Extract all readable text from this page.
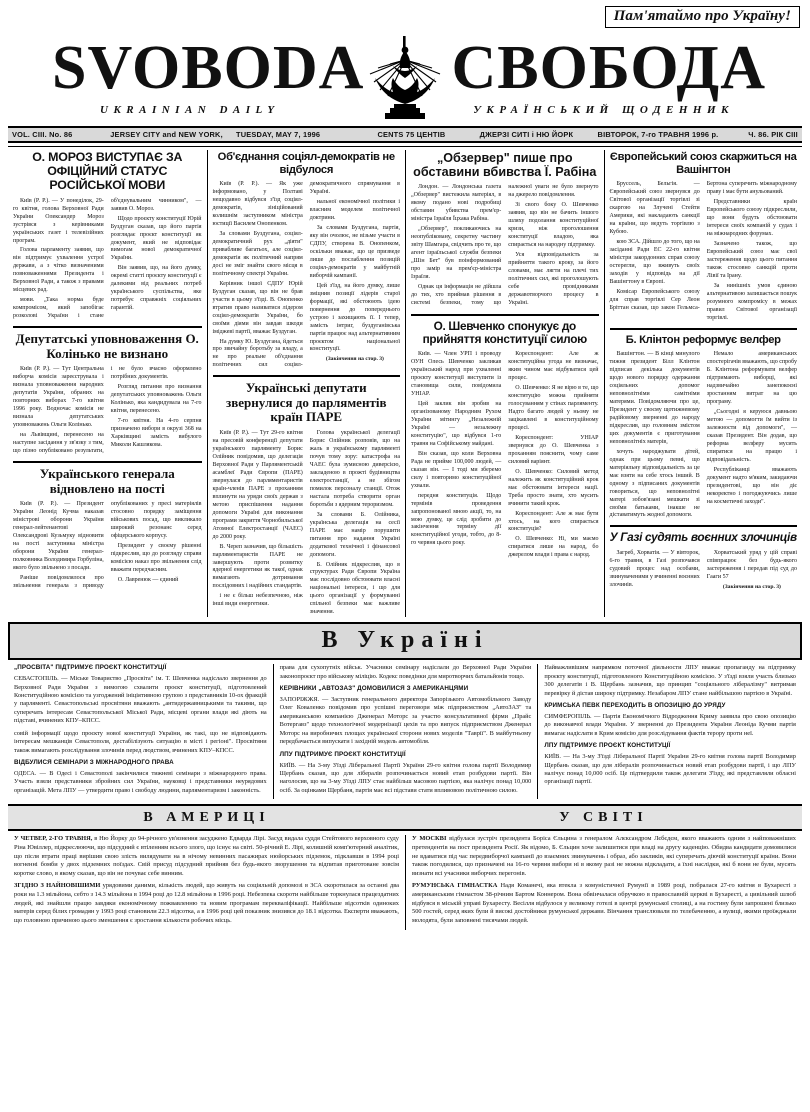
Пам'ятаймо про Україну!
SVOBODA СВОБОДА
UKRAINIAN DAILY	УКРАЇНСЬКИЙ ЩОДЕННИК
VOL. CIII. No. 86	JERSEY CITY and NEW YORK,	TUESDAY, MAY 7, 1996	CENTS 75 ЦЕНТІВ	ДЖЕРЗІ СИТІ і НЮ ЙОРК	ВІВТОРОК, 7-го ТРАВНЯ 1996 р.	Ч. 86. РІК СІII
О. МОРОЗ ВИСТУПАЄ ЗА ОФІЦІЙНИЙ СТАТУС РОСІЙСЬКОЇ МОВИ

Київ (Р. Р.). — У понеділок, 29-го квітня, голова Верховної Ради України Олександер Мороз зустрівся з керівниками українських газет і телевізійних програм.

Голова парламенту заявив, що він підтримує ухвалення устрої держави, а з чітко визначеними повноваженнями Президента і Верховної Ради, а також з правами місцевих рад.

мови. „Така норма буде компромісом, який запобігає розколові України і стане об'єднувальним чинником", — заявив О. Мороз.

Щодо проєкту конституції Юрій Буздуган сказав, що його партія розглядає проєкт конституції як документ, який не відповідає вимогам нової демократичної України.

Він заявив, що, на його думку, окремі статті проєкту конституції є далекими від реальних потреб українського суспільства, яке потребує справжніх соціяльних гарантій.

Депутатські уповноваження О. Колінько не визнано

Київ (Р. Р.). — Тут Центральна виборча комісія зареєструвала і визнала уповноваження народних депутатів України, обраних на повторних виборах 7-го квітня 1996 року. Водночас комісія не визнала депутатських уповноважень Ольги Колінько.

на Львівщині, перенесено на наступне засідання у зв'язку з тим, що пізно опубліковано результати, і не було вчасно оформлено потрібних документів.

Розгляд питання про визнання депутатських уповноважень Ольги Колінько, яка кандидувала на 7-го квітня, перенесено.

7-го квітня. На 4-го серпня призначено вибори в окрузі 368 на Харківщині замість вибулого Миколи Кашлякова.

Українського генерала відновлено на пості

Київ (Р. Р.). — Президент України Леонід Кучма наказав міністрові оборони України генерал-лейтенантові Олександрові Кузьмуку відновити на пості заступника міністра оборони України генерал-полковника Володимира Горбуліна, якого було звільнено з посади.

Раніше повідомлялося про звільнення генерала з приводу опублікованих у пресі матеріялів стосовно порядку заміщення військових посад, що викликало широкий резонанс серед офіцерського корпусу.

Президент у своєму рішенні підкреслив, що до розгляду справи комісією наказ про звільнення слід вважати передчасним.

О. Лавренюк — єдиний

Об'єднання соціял-демократів не відбулося

Київ (Р. Р.). — Як уже інформовано, у Полтаві нещодавно відбувся з'їзд соціял-демократів, зініційований колишнім заступником міністра юстиції Василем Онопенком.

За словами Буздугана, соціял-демократичний рух „діяти" привабливе багатьох, але соціял-демократія як політичний напрям досі не зміг знайти свого місця в політичному спектрі України.

Керівник іншої СДПУ Юрій Буздуган сказав, що він не брав участи в цьому з'їзді. В. Онопенко втратив право називатися лідером соціял-демократів України, бо своїми діями він завдав шкоди іміджеві партії, вважає Буздуган.

На думку Ю. Буздугана, йдеться про звичайну боротьбу за владу, а не про реальне об'єднання політичних сил соціял-демократичного спрямування в Україні.

нальної економічної політики і власним моделем політичної доктрини.

За словами Буздугана, партія, яку він очолює, не візьме участи в СДПУ, створена В. Онопенком, оскільки вважає, що це призведе лише до послаблення позицій соціял-демократів у майбутній виборчій кампанії.

Цей з'їзд, на його думку, лише зміцнив позиції лідерів старої формації, які обстоюють ідею повернення до попереднього устрою і захищають її. І тепер, замість інтриг, буздуганівська партія працює над альтернативним проєктом національної конституції.

(Закінчення на стор. 3)

Українські депутати звернулися до парляментів країн ПАРЕ

Київ (Р. Р.). — Тут 29-го квітня на пресовій конференції депутати українського парляменту Борис Олійник повідомив, що делегація Верховної Ради у Парляментській асамблеї Ради Європи (ПАРЕ) звернулася до парляментаристів країн-членів ПАРЕ з проханням вплинути на уряди своїх держав з метою приспішення надання допомоги Україні для виконання програми закриття Чорнобильської Атомної Електростанції (ЧАЕС) до 2000 року.

В. Череп зазначив, що більшість парляментаристів ПАРЕ не завершують проти розвитку ядерної енергетики як такої, однак вимагають дотримання послідовних і надійних стандартів.

і не є більш небезпечною, ніж інші види енергетики.

Голова української делегації Борис Олійник розповів, що на жаль в українському парляменті почув тому зору: катастрофа на ЧАЕС була зумисною диверсією, закладеною в прожті будівництва електростанції, а не збігом помилок персоналу станції. Отож настала потреба створити орган боротьби з ядерним тероризмом.

За словами Б. Олійника, українська делегація на сесії ПАРЕ має намір порушити питання про надання Україні додаткової технічної і фінансової допомоги.

Б. Олійник підкреслив, що в структурах Ради Європи Україна має послідовно обстоювати власні національні інтереси, і що для цього організації у формуванні спільної безпеки має важливе значення.

„Обзервер" пише про обставини вбивства Ї. Рабіна

Лондон. — Лондонська газета „Обзервер" вистежила матеріял, в якому подано нові подробиці обставин убивства прем'єр-міністра Ізраїля Їцхака Рабіна.

„Обзервер", покликаючись на неопубліковану, секретну частину звіту Шамгара, свідчить про те, що агент ізраїльської служби безпеки „Шін Бет" був поінформований про замір на прем'єр-міністра Ізраїля.

Однак ця інформація не дійшла до тих, хто приймав рішення в системі безпеки, тому що належної уваги не було звернуто на джерело повідомлення.

Зі свого боку О. Шевченко заявив, що він не бачить іншого шляху подолання конституційної кризи, ніж проголошення конституції владою, яка спирається на народну підтримку.

Уся відповідальність за прийняття такого кроку, за його словами, має лягти на плечі тих політичних сил, які проголошують себе провідниками державотворчого процесу в Україні.

О. Шевченко спонукує до прийняття конституції силою

Київ. — Член УРП і проводу ОУН Олесь Шевченко закликав український народ при ухваленні проєкту конституції виступити із становища сили, повідомила УНІАР.

Цей заклик він зробив на організованому Народним Рухом України мітингу „Незалежній Україні — незалежну конституцію", що відбувся 1-го травня на Софійському майдані.

Він сказав, що коли Верховна Рада не прийме 100,000 людей, — сказав він. — І тоді ми зберемо силу і повторимо конституційної ухвали.

передня конституція. Щодо термінів проведення запропонованої мною акції, то, на мою думку, це слід зробити до закінчення терміну дії конституційної угоди, тобто, до 8-го червня цього року.

Кореспондент: Але ж конституційна угода не визначає, яким чином має відбуватися цей процес.

О. Шевченко: Я не вірю в те, що конституцію можна прийняти голосуванням у стінах парляменту. Надто багато людей у ньому не зацікавлені в конституційному процесі.

Кореспондент: УНІАР звернувся до О. Шевченка з проханням пояснити, чому саме силовий варіянт.

О. Шевченко: Силовий метод належить як конституційний крок має обстоювати інтереси нації. Треба просто знати, хто мусить вчинити такий крок.

Кореспондент: Але ж має бути хтось, на кого спирається конституція?

О. Шевченко: Ні, ми маємо спиратися лише на народ, бо джерелом влади і права є народ.

Європейський союз скаржиться на Вашінгтон

Бруссель, Бельгія. — Європейський союз звернувся до Світової організації торгівлі зі скаргою на Злучені Стейти Америки, які накладають санкції на країни, що ведуть торгівлю з Кубою.

кою ЗСА. Дійшло до того, що на засіданні Ради ЕС 22-го квітня міністри закордонних справ союзу остерегли, що вживуть своїх заходів у відповідь на дії Вашінгтону в Європі.

Комісар Европейського союзу для справ торгівлі Сер Леон Бріттан сказав, що закон Гельмса-Бертона суперечить міжнародному праву і має бути анульований.

Представники країн Европейського союзу підкреслили, що вони будуть обстоювати інтереси своїх компаній у судах і на міжнародних форумах.

Зазначено також, що Европейський союз має свої застереження щодо цього питання також стосовно санкцій проти Лівії та Ірану.

За нинішніх умов єдиною альтернативою залишається пошук розумного компромісу в межах правил Світової організації торгівлі.

Б. Клінтон реформує велфер

Вашінгтон. — В кінці минулого тижня президент Білл Клінтон підписав декілька документів щодо нового порядку одержання соціяльних допомог неповнолітніми самітніми матерями. Повідомляючи про це, Президент у своєму щотижневому радійовому зверненні до народу підкреслив, що головним змістом цих документів є приготування неповнолітніх матерів,

хочуть народжувати дітей, однак при цьому певні, що матеріяльну відповідальність за це має взяти на себе хтось інший. В одному з підписаних документів говориться, що неповнолітні матері зобов'язані мешкати зі своїми батьками, інакше не діставатимуть жодної допомоги.

Немало американських спостерігачів вважають, що спробу Б. Клінтона реформувати велфер підтримають виборці, які надзвичайно занепокоєні зростанням витрат на цю програму.

„Сьогодні я керуюся давньою метою — допомогти їм вийти із залежности від допомоги", — сказав Президент. Він додав, що реформа велферу мусить спиратися на працю і відповідальність.

Республіканці вважають документ надто м'яким, закидаючи президентові, що він діє некоректно і погоджуючись лише на косметичні заходи".

У Газі судять воєнних злочинців

Загреб, Хорватія. — У вівторок, 6-го травня, в Газі розпочався судовий процес над особами, звинуваченими у вчиненні воєнних злочинів.

Хорватський уряд у цій справі співпрацює без будь-якого застереження і передав під суд до Гааги 57

(Закінчення на стор. 3)

В Україні
„ПРОСВІТА" ПІДТРИМУЄ ПРОЄКТ КОНСТИТУЦІЇ

СЕВАСТОПІЛЬ. — Міське Товариство „Просвіта" ім. Т. Шевченка надіслало звернення до Верховної Ради України з вимогою схвалити проєкт конституції, підготовлений Конституційною комісією та узгоджений ініціятивною групою з представників 10-ох фракцій у парляменті. Севастопольські просвітяни вважають „антидержавницькими та такими, що суперечать інтересам Севастопольської Міської Ради, місцеві органи влади які діють на підставі, вчинених КПУ–КПСС.

совій інформації щодо проєкту нової конституції України, як такі, що не відповідають інтересам мешканців Севастополя, дестабілізують ситуацію в місті і регіоні". Просвітяни також вимагають розслідування злочинів перед людством, вчинених КПУ–КПСС.

ВІДБУЛИСЯ СЕМІНАРИ З МІЖНАРОДНОГО ПРАВА

ОДЕСА. — В Одесі і Севастополі закінчилися тижневі семінари з міжнародного права. Участь взяли представники збройних сил України, науковці і представники неурядових організацій. Мета ЛПУ — утвердити право і свободу людини, парляментаризм і законність.

права для сухопутніх військ. Учасники семінару надіслали до Верховної Ради України законопроєкт про військову міліцію. Кодекс поведінки для миротворчих батальйонів тощо.

КЕРІВНИКИ „АВТОЗАЗ" ДОМОВИЛИСЯ З АМЕРИКАНЦЯМИ

ЗАПОРІЖЖЯ. — Заступник генерального директора Запорізького Автомобільного Заводу Олег Коваленко повідомив про успішні переговори між підприємством „АвтоЗАЗ" та американською компанією Дженерал Моторс за участю консультативної фірми „Прайс Вотергавз" щодо технологічної модернізації цехів та про випуск підприємством Дженерал Моторс на виробничих площах української сторони нових моделів "Таврії". В майбутньому передбачається випускати і західній модель автомобіля.

ЛПУ ПІДТРИМУЄ ПРОЄКТ КОНСТИТУЦІЇ

КИЇВ. — На 3-му З'їзді Ліберальної Партії України 29-го квітня голова партії Володимир Щербань сказав, що для лібералів розпочинається новий етап розбудови партії. Він наголосив, що на 3-му З'їзді ЛПУ стає найбільш масовою партією, яка налічує понад 10,000 осіб. За оцінками Щербаня, партія має всі підстави стати впливовою політичною силою.

Найважливішим напрямком поточної діяльности ЛПУ вважає пропаганду на підтримку проєкту конституції, підготовленого Конституційною комісією. У з'їзді взяли участь близько 300 делегатів і В. Щербань зазначив, що принцип "соціяльного лібералізму" витримав перевірку й дістав широку підтримку. Незабаром ЛПУ стане найбільшою партією в Україні.

КРИМСЬКА ПЕВК ПЕРЕХОДИТЬ В ОПОЗИЦІЮ ДО УРЯДУ

СИМФЕРОПІЛЬ. — Партія Економічного Відродження Криму заявила про свою опозицію до виконавчої влади України. У зверненні до Президента України Леоніда Кучми партія вимагає надіслати в Крим комісію для розслідування фактів терору проти неї.

ЛПУ ПІДТРИМУЄ ПРОЄКТ КОНСТИТУЦІЇ

КИЇВ. — На 3-му З'їзді Ліберальної Партії України 29-го квітня голова партії Володимир Щербань сказав, що для лібералів розпочинається новий етап розбудови партії, і що ЛПУ налічує понад 10,000 осіб. Це підтвердили також делегати З'їзду, які представляли обласні організації партії.

В АМЕРИЦІ	У СВІТІ

У ЧЕТВЕР, 2-ГО ТРАВНЯ, в Ню Йорку до 94-річного ув'язнення засуджено Едварда Лірі. Засуд видала суддя Стейтового верховного суду Ріна Ювіллер, підкреслюючи, що підсудний є втіленням всього злого, що існує на світі. 50-річний Е. Лірі, колишній комп'ютерний аналітик, що після втрати праці вирішив свою злість вилядувати на в нічому невинних пасажирах нюйорських підземок, підклавши в 1994 році вогненні бомби у двох підземних поїздах. Свій присуд підсудний прийняв без будь-якого зворушення та відпитав приготоване зовсім коротке слово, в якому сказав, що він не почуває себе винним.

ЗГІДНО З НАЙНОВІШИМИ урядовими даними, кількість людей, що живуть на соціяльній допомозі в ЗСА скоротилася за останні два роки на 1.3 мільйона, себто з 14.3 мільйона в 1994 році до 12.8 мільйона в 1996 році. Небезпека скороти найбільше торкнулася працездатних людей, які знайшли працю завдяки економічному пожвавленню та новим програмам перекваліфікації. Найбільше відсотків одиноких матерів серед білих громадян у 1993 році становили 22.3 відсотка, а в 1996 році цей показник знизився до 18.1 відсотка. Експерти вважають, що головною причиною цього зменшення є зростання кількости робочих місць.

У МОСКВІ відбулася зустріч президента Боріса Єльцина з генералом Алєксандром Лєбєдєм, якого вважають одним з найповажніших претендентів на пост президента Росії. Як відомо, Б. Єльцин хоче залишитися при владі на другу каденцію. Обидва кандидати домовилися не вдаватися під час передвиборчої кампанії до взаємних звинувачень і образ, або закликів, які суперечать діючій конституції країни. Вони також погодилися, що призначені на 16-го червня вибори ні в якому разі не можна відкладати, а їхні наслідки, які б вони не були, мусять визнати всі учасники виборчих перегонів.

РУМУНСЬКА ГІМНАСТКА Надя Команечі, яка втекла з комуністичної Румунії в 1989 році, побралася 27-го квітня в Бухаресті з американським гімнастом 38-річним Бартом Коннером. Вона обвінчалася обручкою в православній церкві в Бухаресті, а цивільний шлюб відбувся в міській управі Бухаресту. Весілля відбулося у великому готелі в центрі румунської столиці, а на гостину були запрошені близько 500 гостей, серед яких були й високі достойники румунської держави. Вінчання транслювали по телебаченню, а вулиці, якими проїжджали молодята, були заповнені тисячами людей.
